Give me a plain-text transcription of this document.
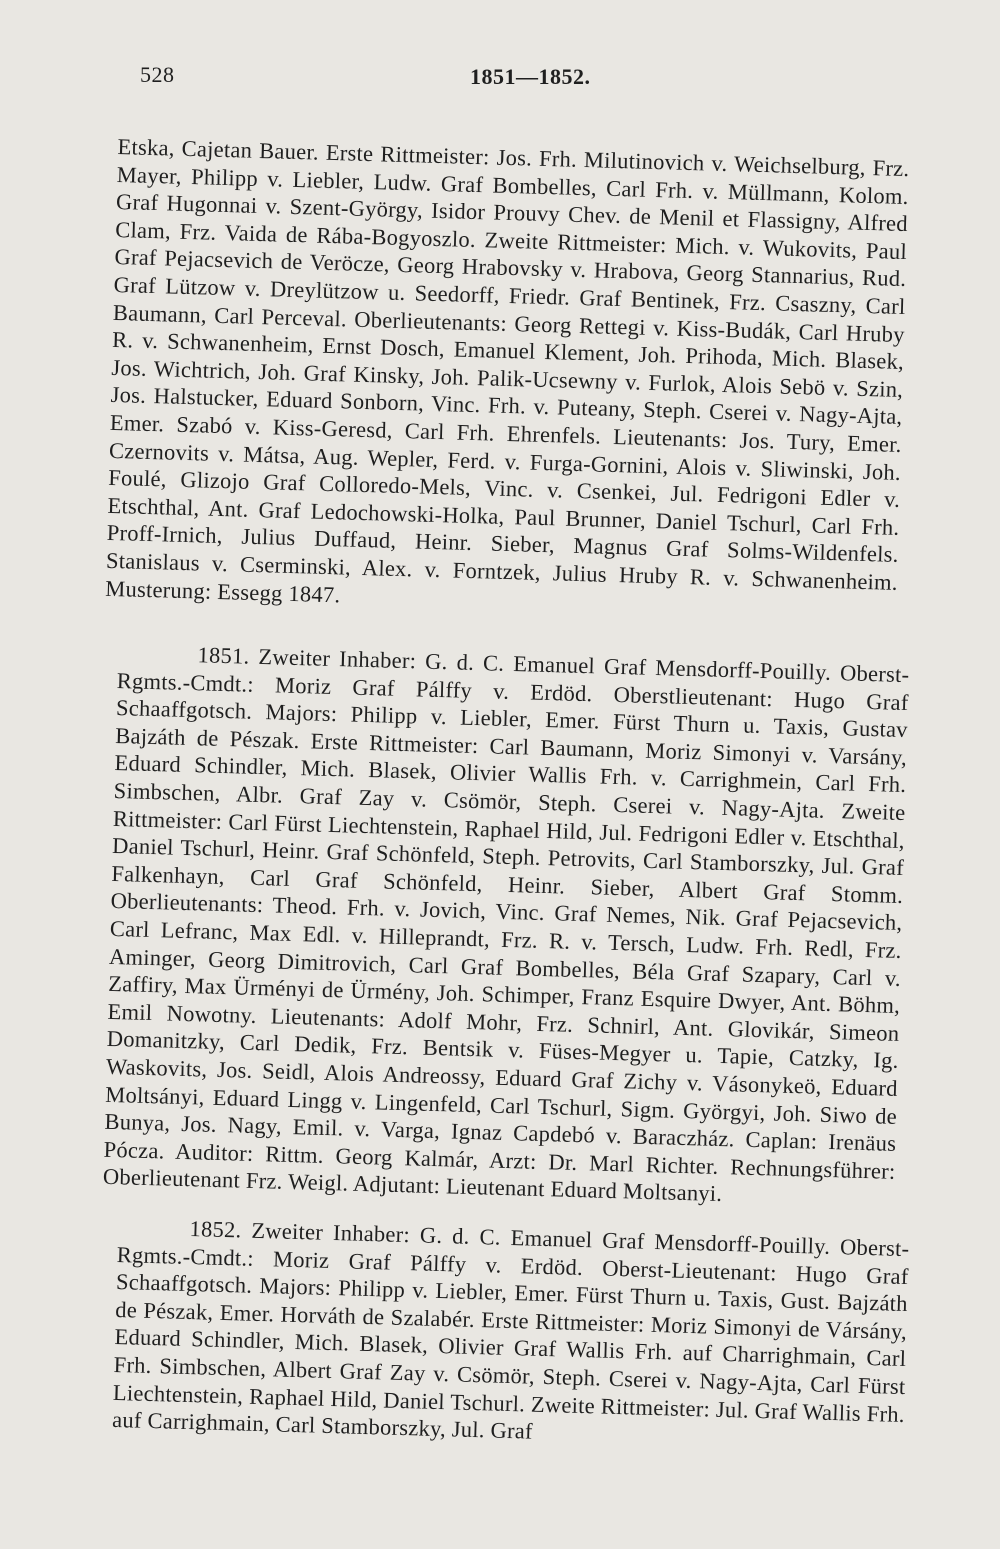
528	1851—1852.

Etska, Cajetan Bauer. Erste Rittmeister: Jos. Frh. Milutinovich v. Weichselburg, Frz. Mayer, Philipp v. Liebler, Ludw. Graf Bombelles, Carl Frh. v. Müllmann, Kolom. Graf Hugonnai v. Szent-György, Isidor Prouvy Chev. de Menil et Flassigny, Alfred Clam, Frz. Vaida de Rába-Bogyoszlo. Zweite Rittmeister: Mich. v. Wukovits, Paul Graf Pejacsevich de Veröcze, Georg Hrabovsky v. Hrabova, Georg Stannarius, Rud. Graf Lützow v. Dreylützow u. Seedorff, Friedr. Graf Bentinek, Frz. Csaszny, Carl Baumann, Carl Perceval. Oberlieutenants: Georg Rettegi v. Kiss-Budák, Carl Hruby R. v. Schwanenheim, Ernst Dosch, Emanuel Klement, Joh. Prihoda, Mich. Blasek, Jos. Wichtrich, Joh. Graf Kinsky, Joh. Palik-Ucsewny v. Furlok, Alois Sebö v. Szin, Jos. Halstucker, Eduard Sonborn, Vinc. Frh. v. Puteany, Steph. Cserei v. Nagy-Ajta, Emer. Szabó v. Kiss-Geresd, Carl Frh. Ehrenfels. Lieutenants: Jos. Tury, Emer. Czernovits v. Mátsa, Aug. Wepler, Ferd. v. Furga-Gornini, Alois v. Sliwinski, Joh. Foulé, Glizojo Graf Colloredo-Mels, Vinc. v. Csenkei, Jul. Fedrigoni Edler v. Etschthal, Ant. Graf Ledochowski-Holka, Paul Brunner, Daniel Tschurl, Carl Frh. Proff-Irnich, Julius Duffaud, Heinr. Sieber, Magnus Graf Solms-Wildenfels. Stanislaus v. Cserminski, Alex. v. Forntzek, Julius Hruby R. v. Schwanenheim. Musterung: Essegg 1847.

1851. Zweiter Inhaber: G. d. C. Emanuel Graf Mensdorff-Pouilly. Oberst-Rgmts.-Cmdt.: Moriz Graf Pálffy v. Erdöd. Oberstlieutenant: Hugo Graf Schaaffgotsch. Majors: Philipp v. Liebler, Emer. Fürst Thurn u. Taxis, Gustav Bajzáth de Pészak. Erste Rittmeister: Carl Baumann, Moriz Simonyi v. Varsány, Eduard Schindler, Mich. Blasek, Olivier Wallis Frh. v. Carrighmein, Carl Frh. Simbschen, Albr. Graf Zay v. Csömör, Steph. Cserei v. Nagy-Ajta. Zweite Rittmeister: Carl Fürst Liechtenstein, Raphael Hild, Jul. Fedrigoni Edler v. Etschthal, Daniel Tschurl, Heinr. Graf Schönfeld, Steph. Petrovits, Carl Stamborszky, Jul. Graf Falkenhayn, Carl Graf Schönfeld, Heinr. Sieber, Albert Graf Stomm. Oberlieutenants: Theod. Frh. v. Jovich, Vinc. Graf Nemes, Nik. Graf Pejacsevich, Carl Lefranc, Max Edl. v. Hilleprandt, Frz. R. v. Tersch, Ludw. Frh. Redl, Frz. Aminger, Georg Dimitrovich, Carl Graf Bombelles, Béla Graf Szapary, Carl v. Zaffiry, Max Ürményi de Ürmény, Joh. Schimper, Franz Esquire Dwyer, Ant. Böhm, Emil Nowotny. Lieutenants: Adolf Mohr, Frz. Schnirl, Ant. Glovikár, Simeon Domanitzky, Carl Dedik, Frz. Bentsik v. Füses-Megyer u. Tapie, Catzky, Ig. Waskovits, Jos. Seidl, Alois Andreossy, Eduard Graf Zichy v. Vásonykeö, Eduard Moltsányi, Eduard Lingg v. Lingenfeld, Carl Tschurl, Sigm. Györgyi, Joh. Siwo de Bunya, Jos. Nagy, Emil. v. Varga, Ignaz Capdebó v. Baraczház. Caplan: Irenäus Pócza. Auditor: Rittm. Georg Kalmár, Arzt: Dr. Marl Richter. Rechnungsführer: Oberlieutenant Frz. Weigl. Adjutant: Lieutenant Eduard Moltsanyi.

1852. Zweiter Inhaber: G. d. C. Emanuel Graf Mensdorff-Pouilly. Oberst-Rgmts.-Cmdt.: Moriz Graf Pálffy v. Erdöd. Oberst-Lieutenant: Hugo Graf Schaaffgotsch. Majors: Philipp v. Liebler, Emer. Fürst Thurn u. Taxis, Gust. Bajzáth de Pészak, Emer. Horváth de Szalabér. Erste Rittmeister: Moriz Simonyi de Vársány, Eduard Schindler, Mich. Blasek, Olivier Graf Wallis Frh. auf Charrighmain, Carl Frh. Simbschen, Albert Graf Zay v. Csömör, Steph. Cserei v. Nagy-Ajta, Carl Fürst Liechtenstein, Raphael Hild, Daniel Tschurl. Zweite Rittmeister: Jul. Graf Wallis Frh. auf Carrighmain, Carl Stamborszky, Jul. Graf
